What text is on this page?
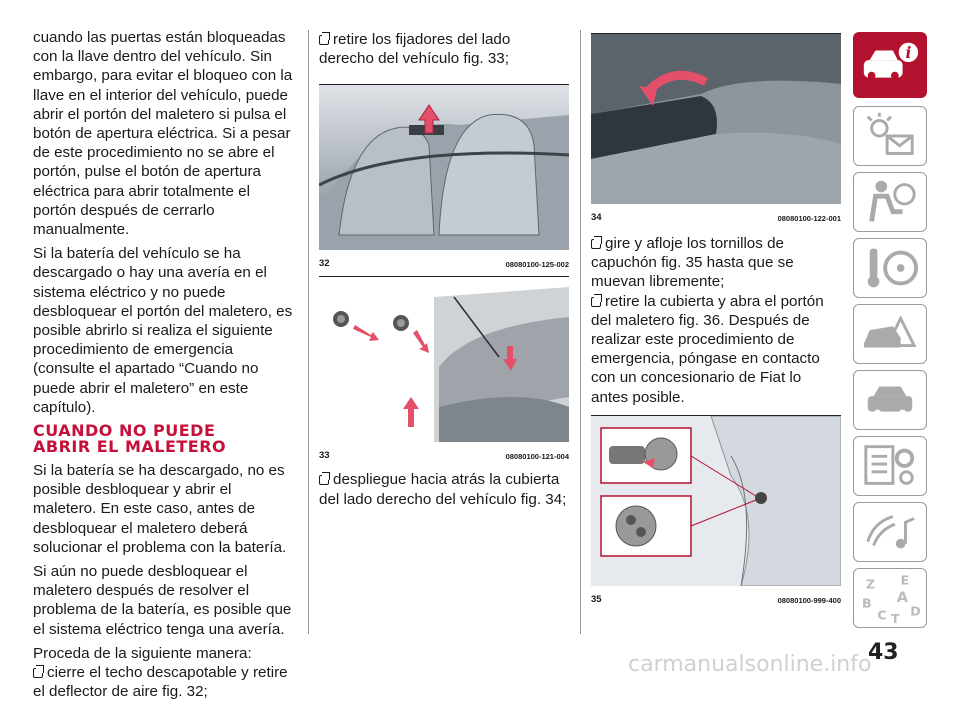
cuando las puertas están bloqueadas con la llave dentro del vehículo. Sin embargo, para evitar el bloqueo con la llave en el interior del vehículo, puede abrir el portón del maletero si pulsa el botón de apertura eléctrica. Si a pesar de este procedimiento no se abre el portón, pulse el botón de apertura eléctrica para abrir totalmente el portón después de cerrarlo manualmente.

Si la batería del vehículo se ha descargado o hay una avería en el sistema eléctrico y no puede desbloquear el portón del maletero, es posible abrirlo si realiza el siguiente procedimiento de emergencia (consulte el apartado “Cuando no puede abrir el maletero” en este capítulo).

CUANDO NO PUEDE
ABRIR EL MALETERO

Si la batería se ha descargado, no es posible desbloquear y abrir el maletero. En este caso, antes de desbloquear el maletero deberá solucionar el problema con la batería.

Si aún no puede desbloquear el maletero después de resolver el problema de la batería, es posible que el sistema eléctrico tenga una avería.

Proceda de la siguiente manera:

cierre el techo descapotable y retire el deflector de aire fig. 32;

retire los fijadores del lado derecho del vehículo fig. 33;

32	08080100-125-002
33	08080100-121-004

despliegue hacia atrás la cubierta del lado derecho del vehículo fig. 34;

34	08080100-122-001

gire y afloje los tornillos de capuchón fig. 35 hasta que se muevan libremente;

retire la cubierta y abra el portón del maletero fig. 36. Después de realizar este procedimiento de emergencia, póngase en contacto con un concesionario de Fiat lo antes posible.

35	08080100-999-400
i
Z E
A
B
C T
D
43
carmanualsonline.info
